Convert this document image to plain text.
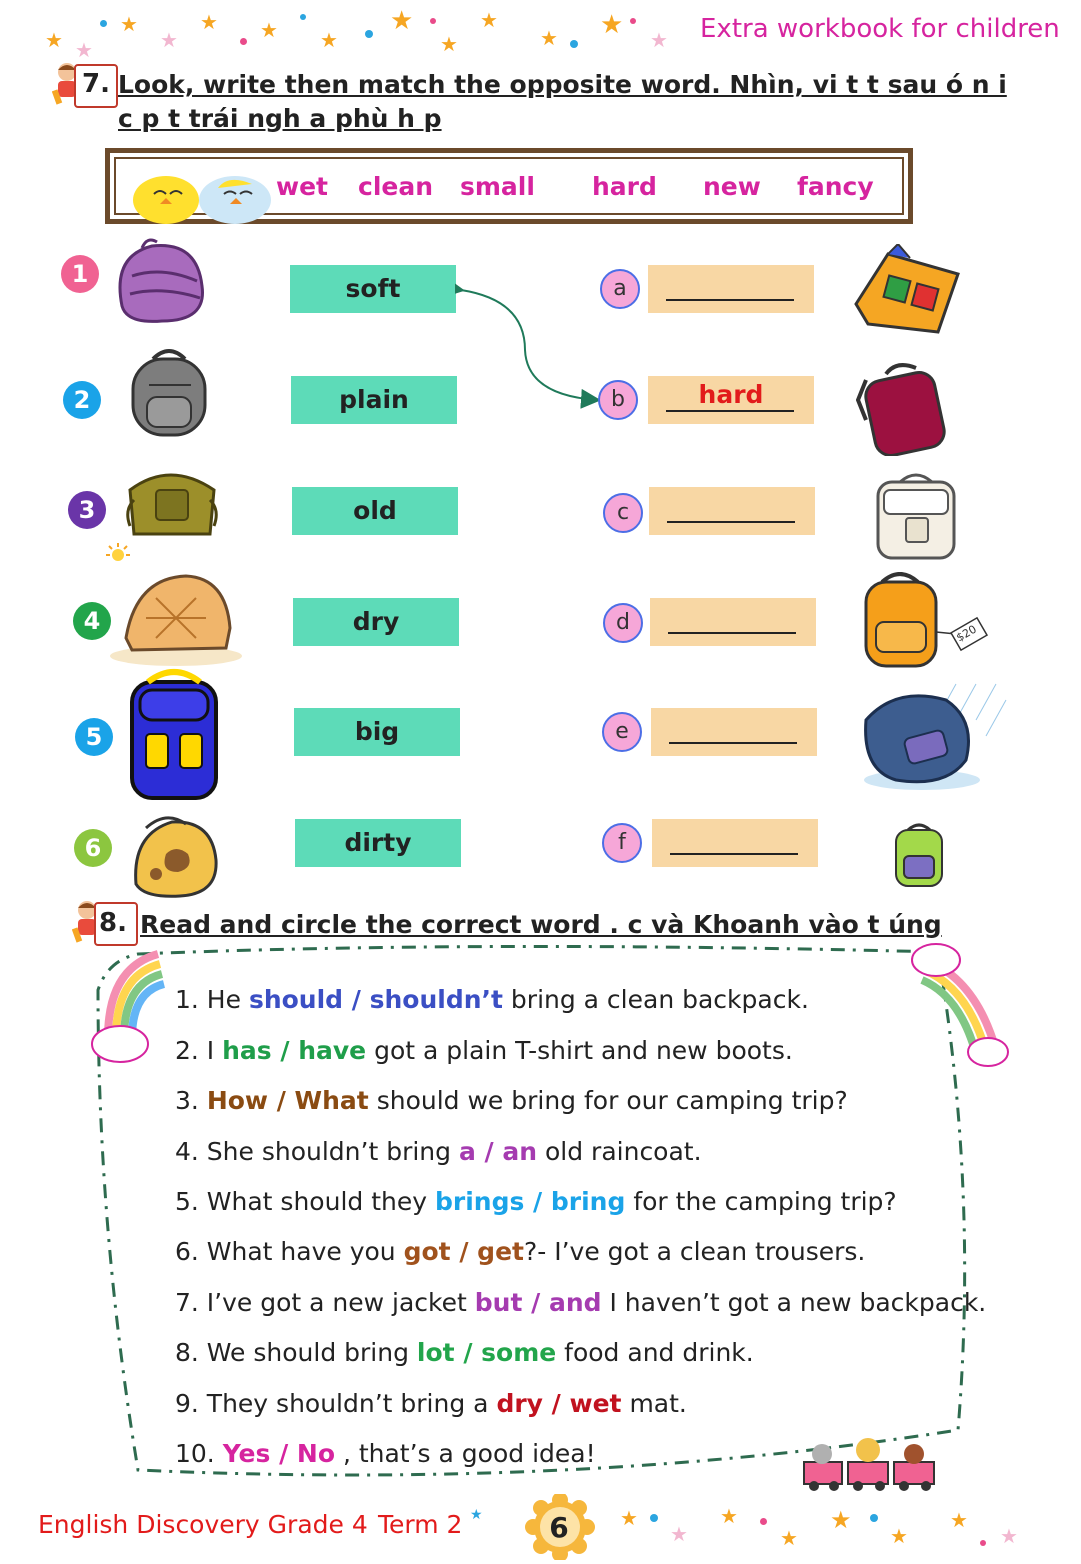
★ ★
★
★
★ ★ ★
★
★
★
★ ★ ★ Extra workbook for children
7. Look, write then match the opposite word. Nhìn, vi t t sau ó n i
c p t trái ngh a phù h p
wet clean small hard new fancy
1
2
3
4
5
6
soft
plain
old
dry
big
dirty
a
b
c
d
e
f
hard
$20
8. Read and circle the correct word . c và Khoanh vào t úng
1. He should / shouldn’t bring a clean backpack.
2. I has / have got a plain T-shirt and new boots.
3. How / What should we bring for our camping trip?
4. She shouldn’t bring a / an old raincoat.
5. What should they brings / bring for the camping trip?
6. What have you got / get?- I’ve got a clean trousers.
7. I’ve got a new jacket but / and I haven’t got a new backpack.
8. We should bring lot / some food and drink.
9. They shouldn’t bring a dry / wet mat.
10. Yes / No , that’s a good idea!
★	★
★
★
★
★
★
★
★
English Discovery Grade 4 Term 2	6
